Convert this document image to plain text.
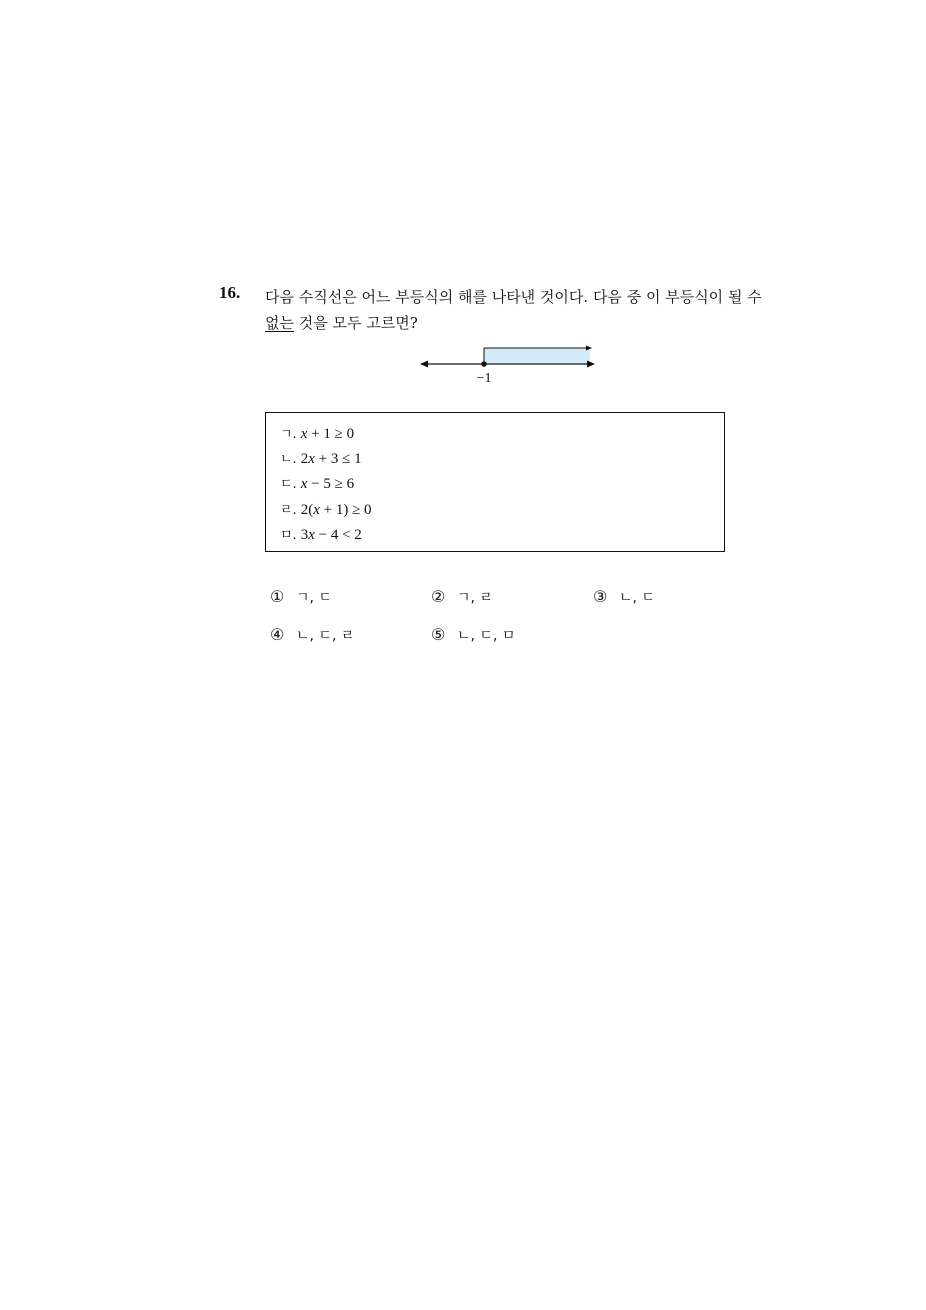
16. 다음 수직선은 어느 부등식의 해를 나타낸 것이다. 다음 중 이 부등식이 될 수 없는 것을 모두 고르면?
−1
ㄱ. x + 1 ≥ 0
ㄴ. 2x + 3 ≤ 1
ㄷ. x − 5 ≥ 6
ㄹ. 2(x + 1) ≥ 0
ㅁ. 3x − 4 < 2
① ㄱ, ㄷ	② ㄱ, ㄹ	③ ㄴ, ㄷ
④ ㄴ, ㄷ, ㄹ	⑤ ㄴ, ㄷ, ㅁ
